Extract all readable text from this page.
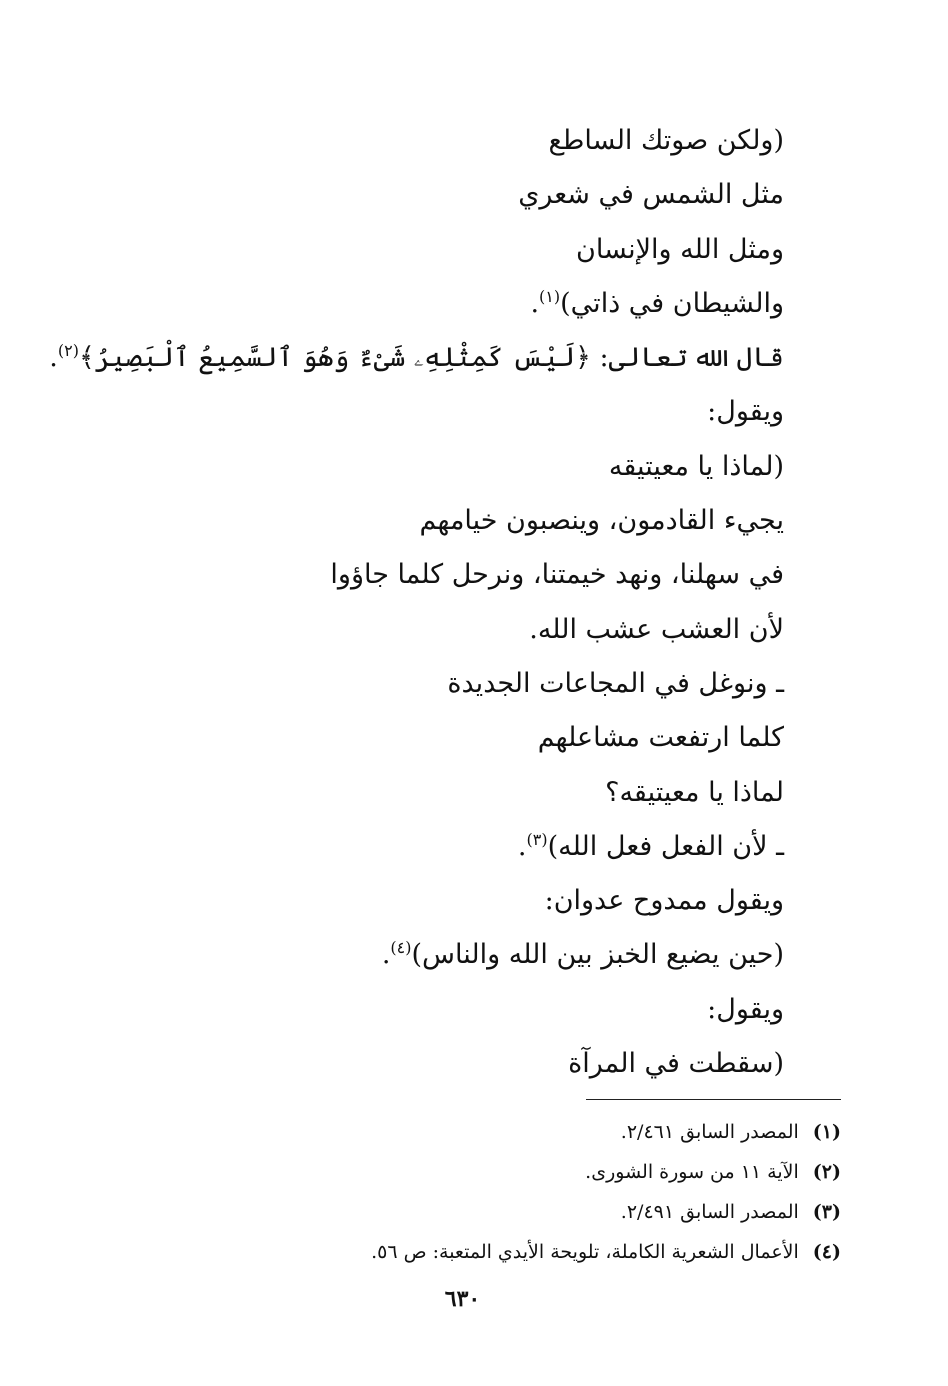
(ولكن صوتك الساطع
مثل الشمس في شعري
ومثل الله والإنسان
والشيطان في ذاتي)$^{(١)}$.
قال الله تعالى: ﴿لَيْسَ كَمِثْلِهِۦ شَىْءٌ وَهُوَ ٱلسَّمِيعُ ٱلْبَصِيرُ﴾$^{(٢)}$.
ويقول:
(لماذا يا معيتيقه
يجيء القادمون، وينصبون خيامهم
في سهلنا، ونهد خيمتنا، ونرحل كلما جاؤوا
لأن العشب عشب الله.
ـ ونوغل في المجاعات الجديدة
كلما ارتفعت مشاعلهم
لماذا يا معيتيقه؟
ـ لأن الفعل فعل الله)$^{(٣)}$.
ويقول ممدوح عدوان:
(حين يضيع الخبز بين الله والناس)$^{(٤)}$.
ويقول:
(سقطت في المرآة
(١)المصدر السابق ٢/٤٦١.
(٢)الآية ١١ من سورة الشورى.
(٣)المصدر السابق ٢/٤٩١.
(٤)الأعمال الشعرية الكاملة، تلويحة الأيدي المتعبة: ص ٥٦.
٦٣٠
